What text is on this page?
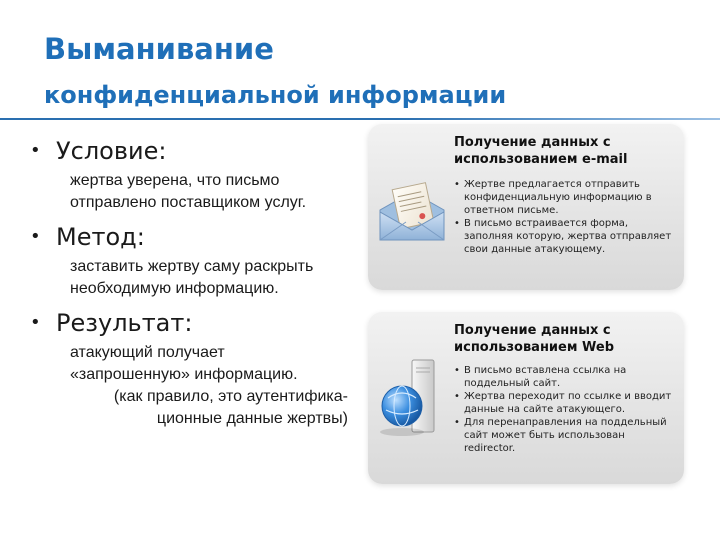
Выманивание
конфиденциальной информации
• Условие:
жертва уверена, что письмо
отправлено поставщиком услуг.
• Метод:
заставить жертву саму раскрыть
необходимую информацию.
• Результат:
атакующий получает
«запрошенную» информацию.
(как правило, это аутентифика-
ционные данные жертвы)
Получение данных с
использованием e-mail
• Жертве предлагается отправить конфиденциальную информацию в ответном письме.
• В письмо встраивается форма, заполняя которую, жертва отправляет свои данные атакующему.
Получение данных с
использованием Web
• В письмо вставлена ссылка на поддельный сайт.
• Жертва переходит по ссылке и вводит данные на сайте атакующего.
• Для перенаправления на поддельный сайт может быть использован redirector.
